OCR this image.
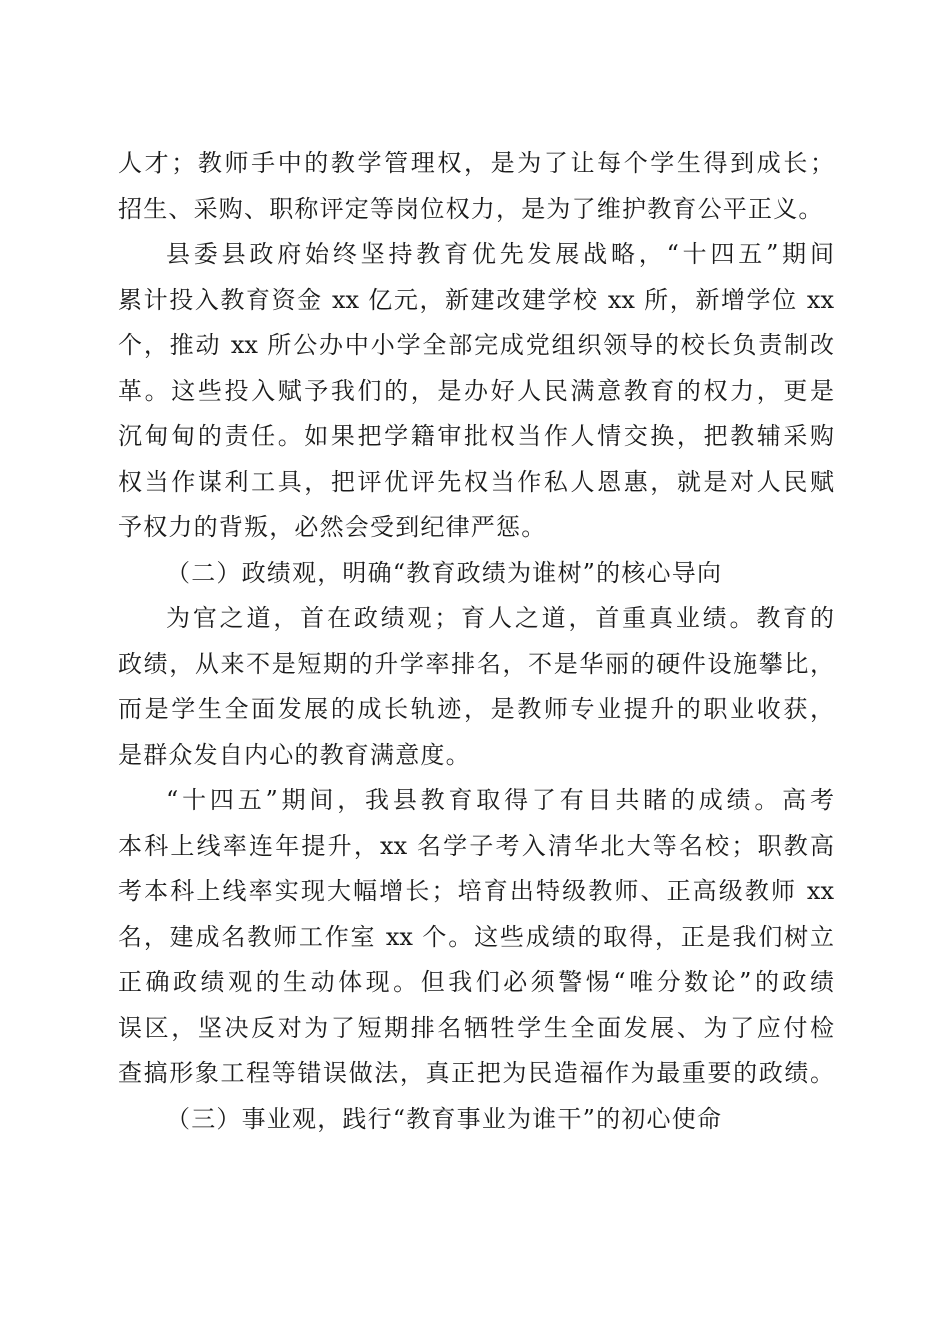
人才；教师手中的教学管理权，是为了让每个学生得到成长；
招生、采购、职称评定等岗位权力，是为了维护教育公平正义。
县委县政府始终坚持教育优先发展战略，“十四五”期间
累计投入教育资金 xx 亿元，新建改建学校 xx 所，新增学位 xx
个，推动 xx 所公办中小学全部完成党组织领导的校长负责制改
革。这些投入赋予我们的，是办好人民满意教育的权力，更是
沉甸甸的责任。如果把学籍审批权当作人情交换，把教辅采购
权当作谋利工具，把评优评先权当作私人恩惠，就是对人民赋
予权力的背叛，必然会受到纪律严惩。
（二）政绩观，明确“教育政绩为谁树”的核心导向
为官之道，首在政绩观；育人之道，首重真业绩。教育的
政绩，从来不是短期的升学率排名，不是华丽的硬件设施攀比，
而是学生全面发展的成长轨迹，是教师专业提升的职业收获，
是群众发自内心的教育满意度。
“十四五”期间，我县教育取得了有目共睹的成绩。高考
本科上线率连年提升，xx 名学子考入清华北大等名校；职教高
考本科上线率实现大幅增长；培育出特级教师、正高级教师 xx
名，建成名教师工作室 xx 个。这些成绩的取得，正是我们树立
正确政绩观的生动体现。但我们必须警惕“唯分数论”的政绩
误区，坚决反对为了短期排名牺牲学生全面发展、为了应付检
查搞形象工程等错误做法，真正把为民造福作为最重要的政绩。
（三）事业观，践行“教育事业为谁干”的初心使命
